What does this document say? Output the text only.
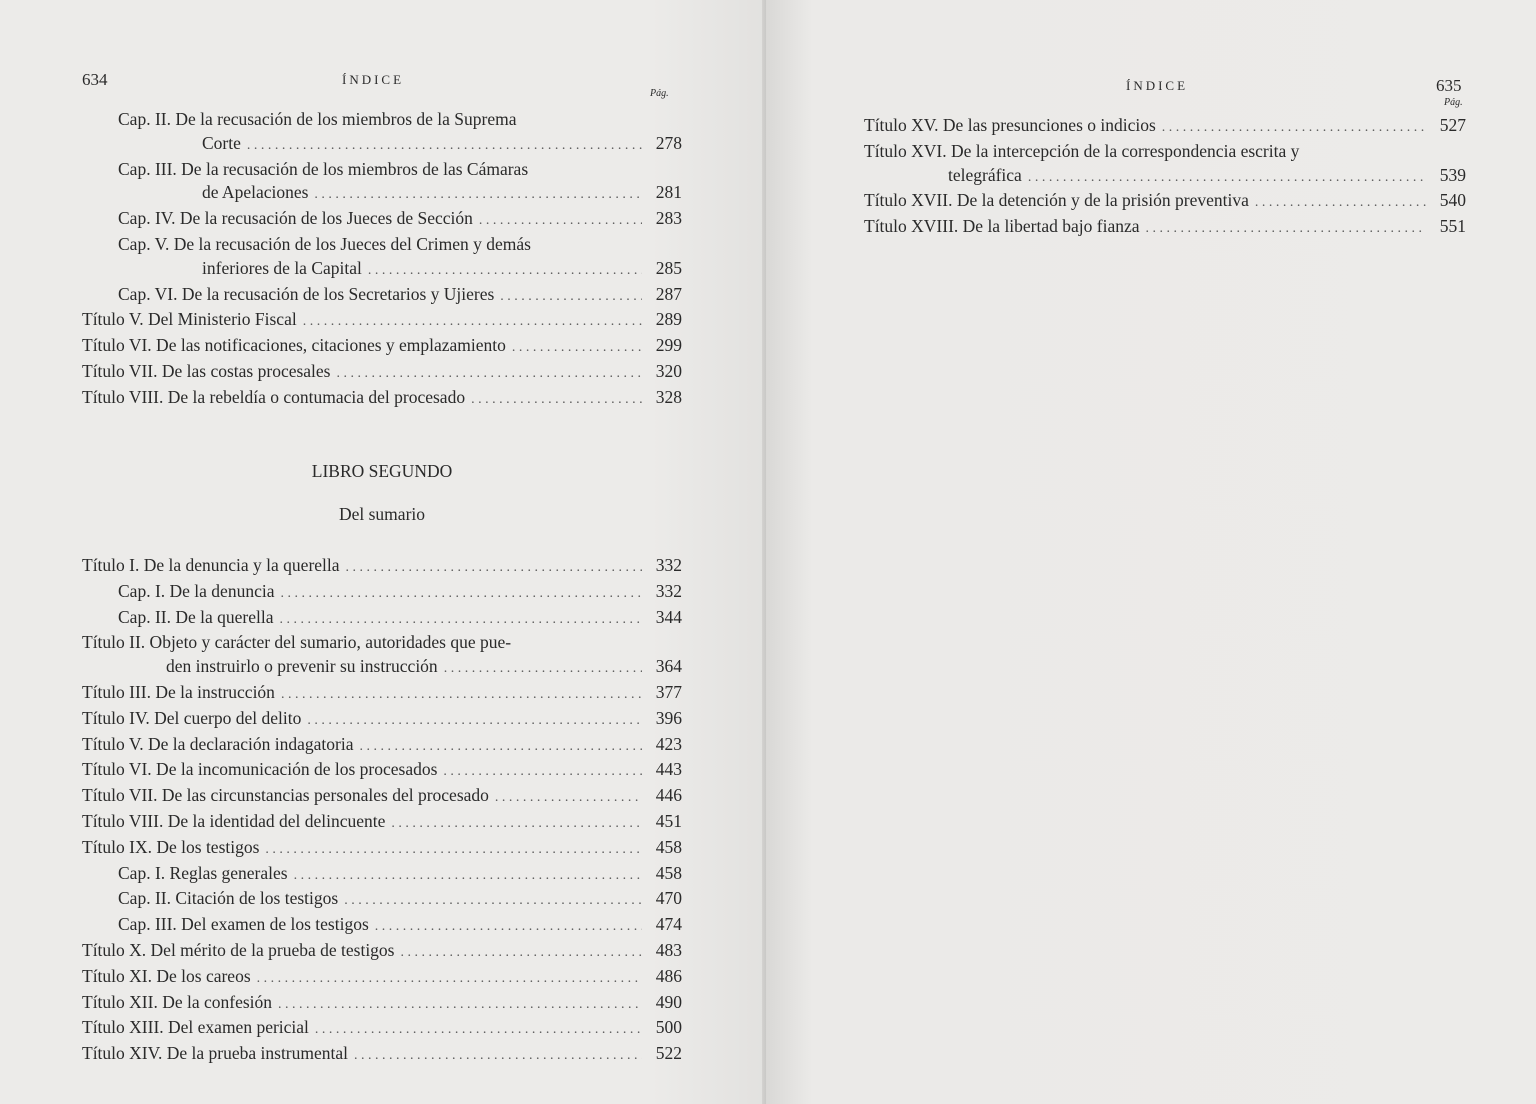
634	ÍNDICE
Pág.
Cap. II. De la recusación de los miembros de la Suprema
Corte . . .	278
Cap. III. De la recusación de los miembros de las Cámaras
de Apelaciones . . .	281
Cap. IV. De la recusación de los Jueces de Sección . . .	283
Cap. V. De la recusación de los Jueces del Crimen y demás
inferiores de la Capital . . .	285
Cap. VI. De la recusación de los Secretarios y Ujieres . . .	287
Título V. Del Ministerio Fiscal . . .	289
Título VI. De las notificaciones, citaciones y emplazamiento . . .	299
Título VII. De las costas procesales . . .	320
Título VIII. De la rebeldía o contumacia del procesado . . .	328
LIBRO SEGUNDO
Del sumario
Título I. De la denuncia y la querella . . .	332
Cap. I. De la denuncia . . .	332
Cap. II. De la querella . . .	344
Título II. Objeto y carácter del sumario, autoridades que pue-
den instruirlo o prevenir su instrucción . . .	364
Título III. De la instrucción . . .	377
Título IV. Del cuerpo del delito . . .	396
Título V. De la declaración indagatoria . . .	423
Título VI. De la incomunicación de los procesados . . .	443
Título VII. De las circunstancias personales del procesado . . .	446
Título VIII. De la identidad del delincuente . . .	451
Título IX. De los testigos . . .	458
Cap. I. Reglas generales . . .	458
Cap. II. Citación de los testigos . . .	470
Cap. III. Del examen de los testigos . . .	474
Título X. Del mérito de la prueba de testigos . . .	483
Título XI. De los careos . . .	486
Título XII. De la confesión . . .	490
Título XIII. Del examen pericial . . .	500
Título XIV. De la prueba instrumental . . .	522
ÍNDICE	635
Pág.
Título XV. De las presunciones o indicios . . .	527
Título XVI. De la intercepción de la correspondencia escrita y
telegráfica . . .	539
Título XVII. De la detención y de la prisión preventiva . . .	540
Título XVIII. De la libertad bajo fianza . . .	551
